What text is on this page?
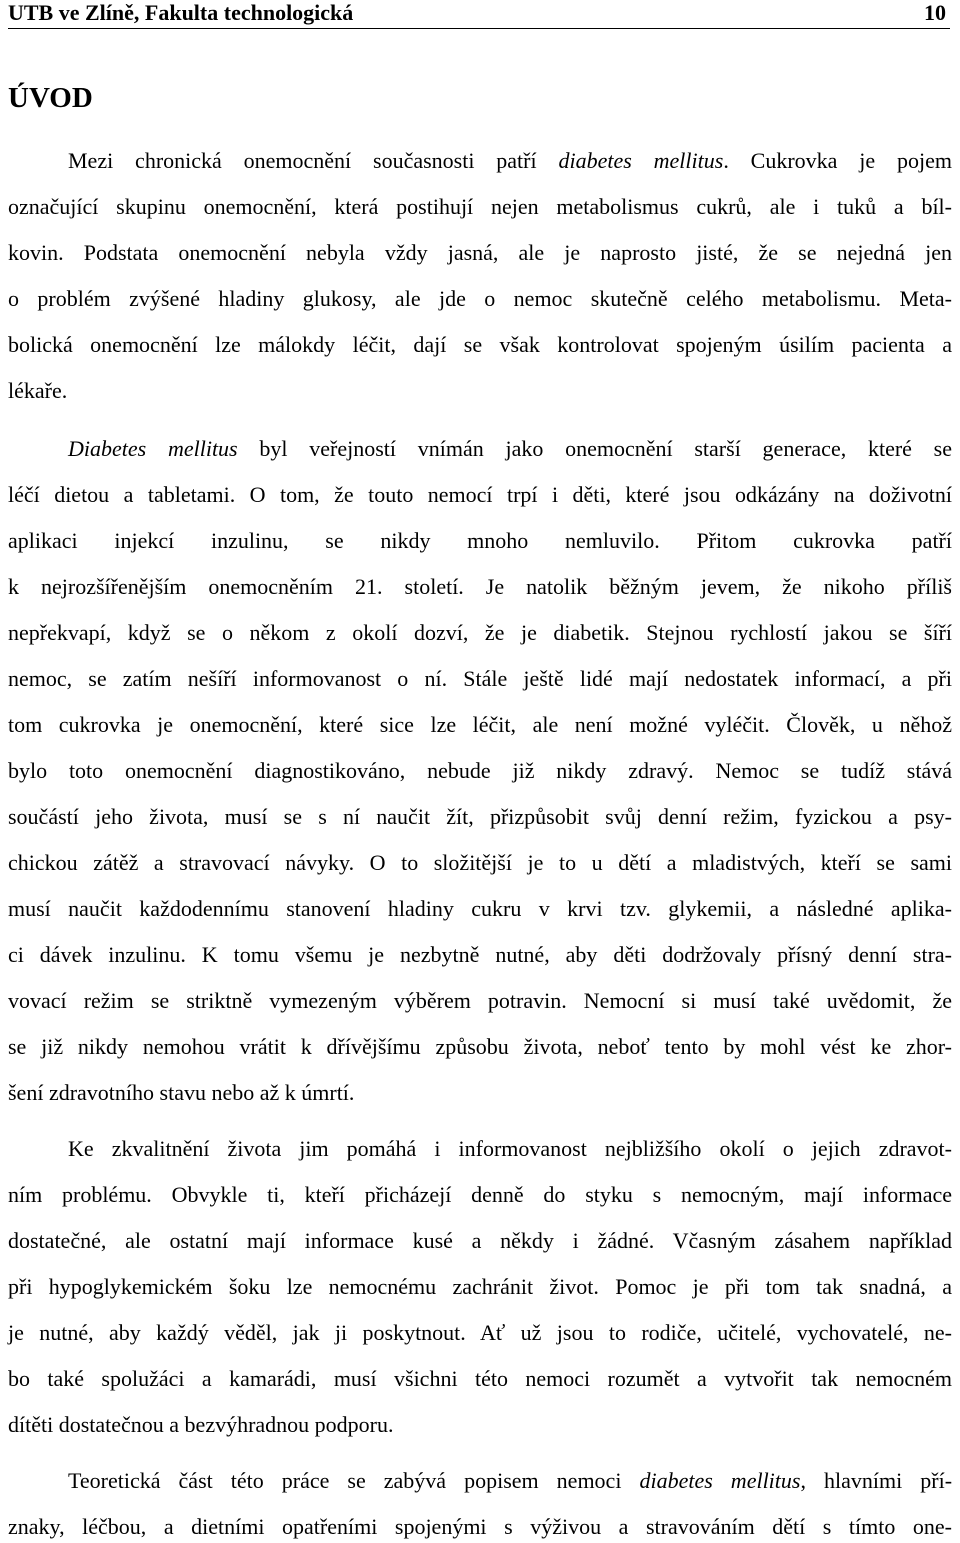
UTB ve Zlíně, Fakulta technologická	10
ÚVOD
Mezi chronická onemocnění současnosti patří diabetes mellitus. Cukrovka je pojem
označující skupinu onemocnění, která postihují nejen metabolismus cukrů, ale i tuků a bíl-
kovin. Podstata onemocnění nebyla vždy jasná, ale je naprosto jisté, že se nejedná jen
o problém zvýšené hladiny glukosy, ale jde o nemoc skutečně celého metabolismu. Meta-
bolická onemocnění lze málokdy léčit, dají se však kontrolovat spojeným úsilím pacienta a
lékaře.
Diabetes mellitus byl veřejností vnímán jako onemocnění starší generace, které se
léčí dietou a tabletami. O tom, že touto nemocí trpí i děti, které jsou odkázány na doživotní
aplikaci injekcí inzulinu, se nikdy mnoho nemluvilo. Přitom cukrovka patří
k nejrozšířenějším onemocněním 21. století. Je natolik běžným jevem, že nikoho příliš
nepřekvapí, když se o někom z okolí dozví, že je diabetik. Stejnou rychlostí jakou se šíří
nemoc, se zatím nešíří informovanost o ní. Stále ještě lidé mají nedostatek informací, a při
tom cukrovka je onemocnění, které sice lze léčit, ale není možné vyléčit. Člověk, u něhož
bylo toto onemocnění diagnostikováno, nebude již nikdy zdravý. Nemoc se tudíž stává
součástí jeho života, musí se s ní naučit žít, přizpůsobit svůj denní režim, fyzickou a psy-
chickou zátěž a stravovací návyky. O to složitější je to u dětí a mladistvých, kteří se sami
musí naučit každodennímu stanovení hladiny cukru v krvi tzv. glykemii, a následné aplika-
ci dávek inzulinu. K tomu všemu je nezbytně nutné, aby děti dodržovaly přísný denní stra-
vovací režim se striktně vymezeným výběrem potravin. Nemocní si musí také uvědomit, že
se již nikdy nemohou vrátit k dřívějšímu způsobu života, neboť tento by mohl vést ke zhor-
šení zdravotního stavu nebo až k úmrtí.
Ke zkvalitnění života jim pomáhá i informovanost nejbližšího okolí o jejich zdravot-
ním problému. Obvykle ti, kteří přicházejí denně do styku s nemocným, mají informace
dostatečné, ale ostatní mají informace kusé a někdy i žádné. Včasným zásahem například
při hypoglykemickém šoku lze nemocnému zachránit život. Pomoc je při tom tak snadná, a
je nutné, aby každý věděl, jak ji poskytnout. Ať už jsou to rodiče, učitelé, vychovatelé, ne-
bo také spolužáci a kamarádi, musí všichni této nemoci rozumět a vytvořit tak nemocném
dítěti dostatečnou a bezvýhradnou podporu.
Teoretická část této práce se zabývá popisem nemoci diabetes mellitus, hlavními pří-
znaky, léčbou, a dietními opatřeními spojenými s výživou a stravováním dětí s tímto one-
